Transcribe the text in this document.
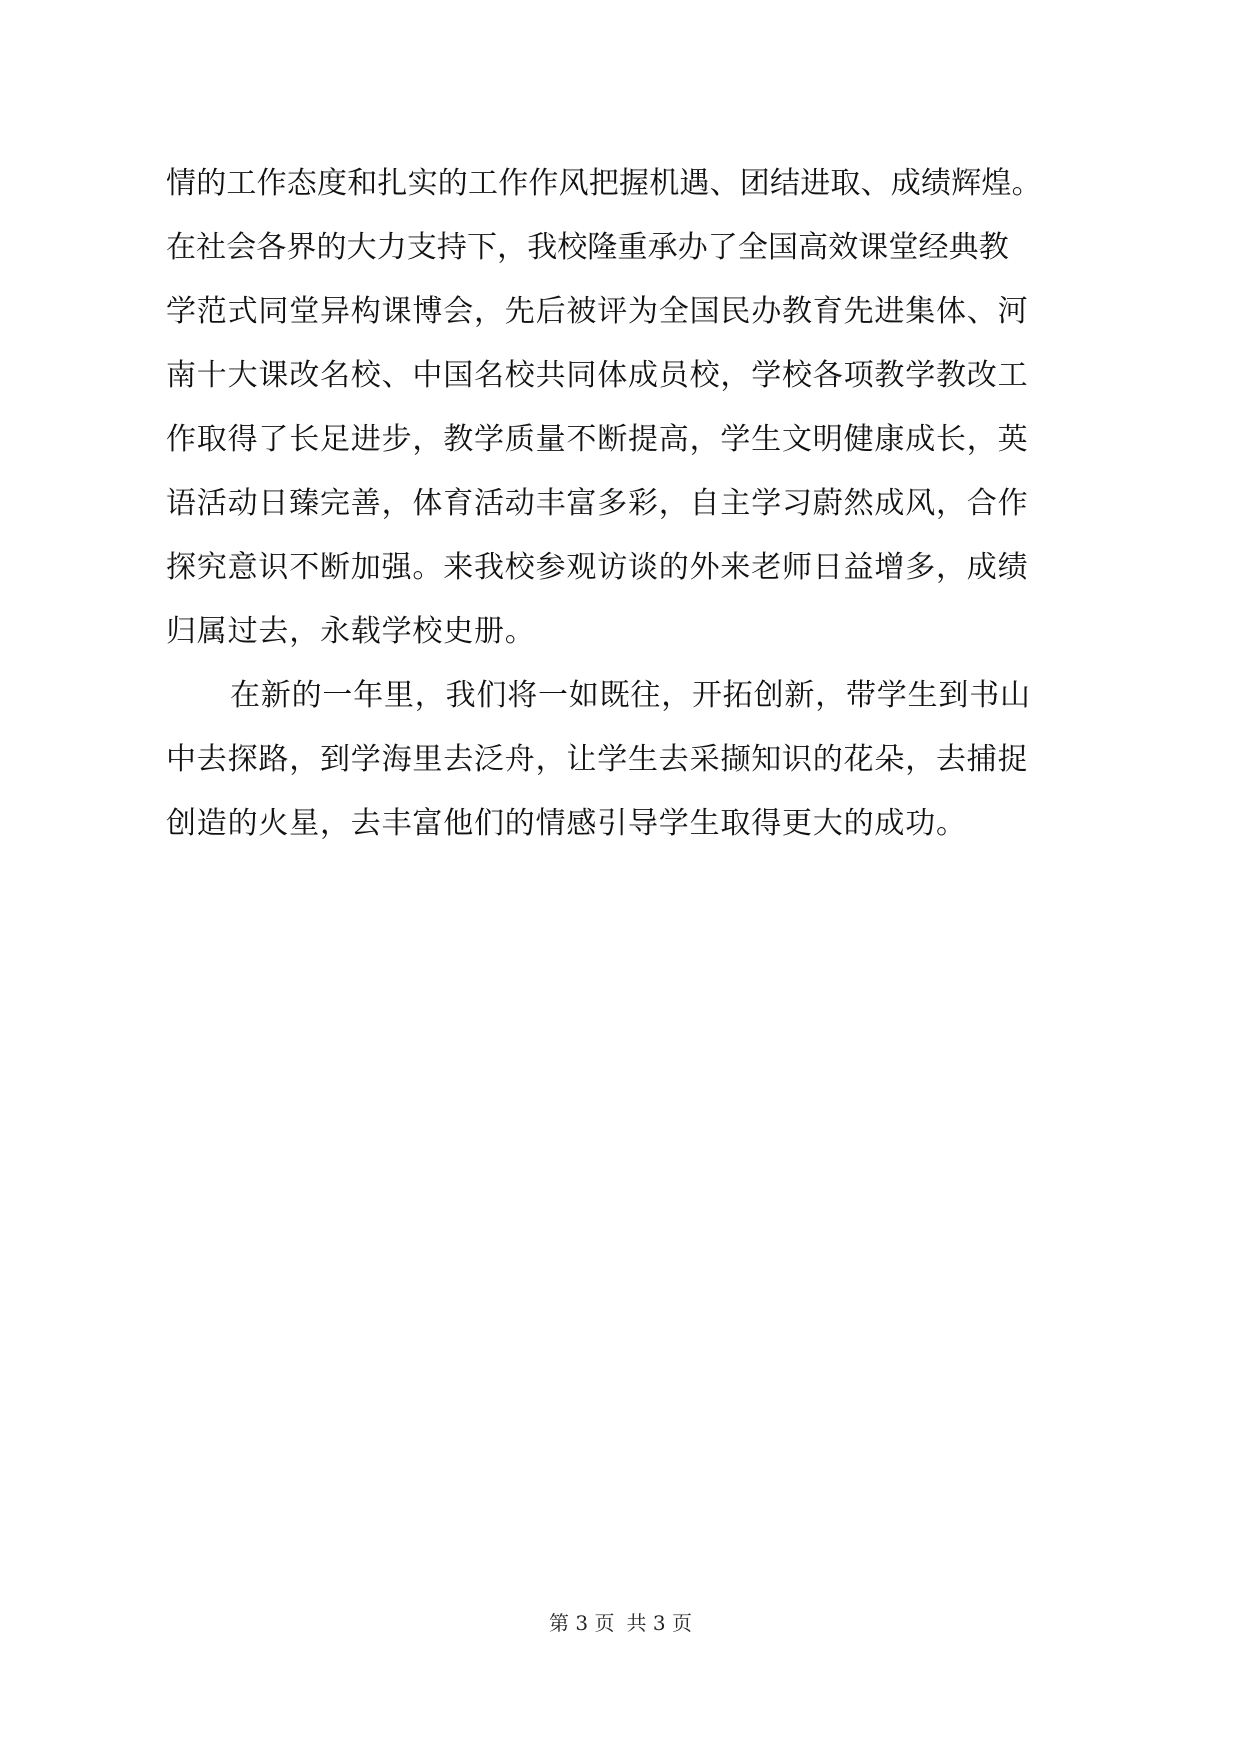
情的工作态度和扎实的工作作风把握机遇、团结进取、成绩辉煌。
在社会各界的大力支持下，我校隆重承办了全国高效课堂经典教
学范式同堂异构课博会，先后被评为全国民办教育先进集体、河
南十大课改名校、中国名校共同体成员校，学校各项教学教改工
作取得了长足进步，教学质量不断提高，学生文明健康成长，英
语活动日臻完善，体育活动丰富多彩，自主学习蔚然成风，合作
探究意识不断加强。来我校参观访谈的外来老师日益增多，成绩
归属过去，永载学校史册。
在新的一年里，我们将一如既往，开拓创新，带学生到书山
中去探路，到学海里去泛舟，让学生去采撷知识的花朵，去捕捉
创造的火星，去丰富他们的情感引导学生取得更大的成功。
第 3 页 共 3 页
